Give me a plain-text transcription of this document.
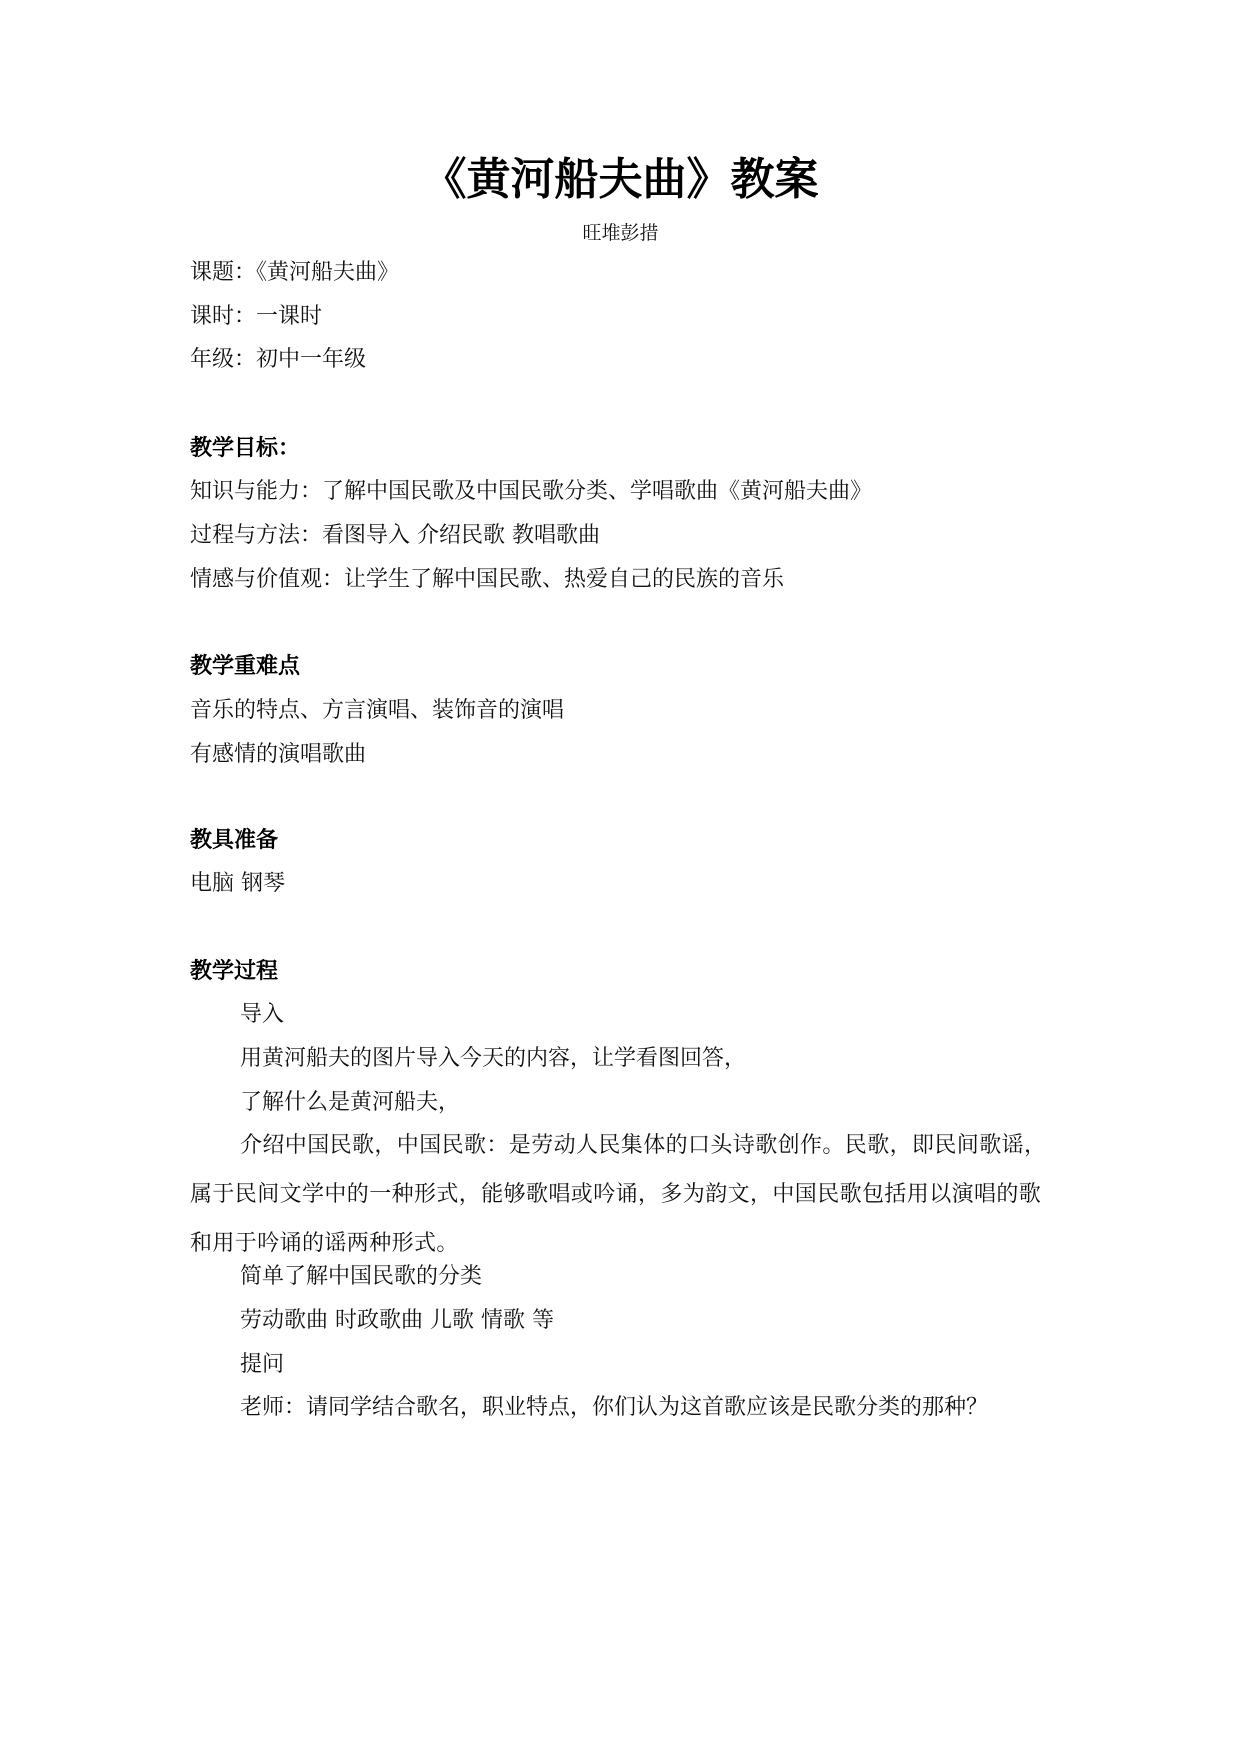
《黄河船夫曲》教案
旺堆彭措
课题：《黄河船夫曲》
课时：一课时
年级：初中一年级
教学目标：
知识与能力：了解中国民歌及中国民歌分类、学唱歌曲《黄河船夫曲》
过程与方法：看图导入 介绍民歌 教唱歌曲
情感与价值观：让学生了解中国民歌、热爱自己的民族的音乐
教学重难点
音乐的特点、方言演唱、装饰音的演唱
有感情的演唱歌曲
教具准备
电脑 钢琴
教学过程
导入
用黄河船夫的图片导入今天的内容，让学看图回答，
了解什么是黄河船夫，
介绍中国民歌，中国民歌：是劳动人民集体的口头诗歌创作。民歌，即民间歌谣，属于民间文学中的一种形式，能够歌唱或吟诵，多为韵文，中国民歌包括用以演唱的歌和用于吟诵的谣两种形式。
简单了解中国民歌的分类
劳动歌曲 时政歌曲 儿歌 情歌 等
提问
老师：请同学结合歌名，职业特点，你们认为这首歌应该是民歌分类的那种？
